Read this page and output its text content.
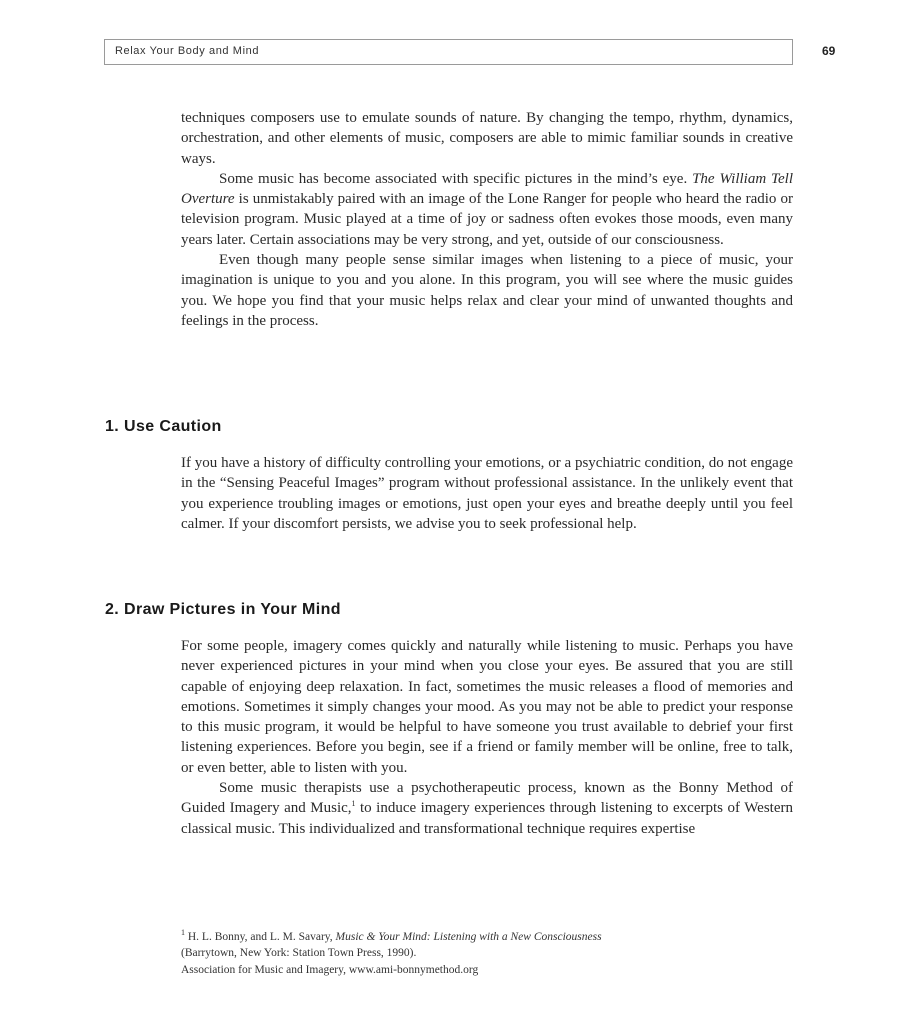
Relax Your Body and Mind	69

techniques composers use to emulate sounds of nature. By changing the tempo, rhythm, dynamics, orchestration, and other elements of music, composers are able to mimic familiar sounds in creative ways.

Some music has become associated with specific pictures in the mind’s eye. The William Tell Overture is unmistakably paired with an image of the Lone Ranger for people who heard the radio or television program. Music played at a time of joy or sadness often evokes those moods, even many years later. Certain associations may be very strong, and yet, outside of our consciousness.

Even though many people sense similar images when listening to a piece of music, your imagination is unique to you and you alone. In this program, you will see where the music guides you. We hope you find that your music helps relax and clear your mind of unwanted thoughts and feelings in the process.

1. Use Caution

If you have a history of difficulty controlling your emotions, or a psychiatric condition, do not engage in the “Sensing Peaceful Images” program without professional assistance. In the unlikely event that you experience troubling images or emotions, just open your eyes and breathe deeply until you feel calmer. If your discomfort persists, we advise you to seek professional help.

2. Draw Pictures in Your Mind

For some people, imagery comes quickly and naturally while listening to music. Perhaps you have never experienced pictures in your mind when you close your eyes. Be assured that you are still capable of enjoying deep relaxation. In fact, sometimes the music releases a flood of memories and emotions. Sometimes it simply changes your mood. As you may not be able to predict your response to this music program, it would be helpful to have someone you trust available to debrief your first listening experiences. Before you begin, see if a friend or family member will be online, free to talk, or even better, able to listen with you.

Some music therapists use a psychotherapeutic process, known as the Bonny Method of Guided Imagery and Music,$^1$ to induce imagery experiences through listening to excerpts of Western classical music. This individualized and transformational technique requires expertise

$^1$ H. L. Bonny, and L. M. Savary, Music & Your Mind: Listening with a New Consciousness

(Barrytown, New York: Station Town Press, 1990).

Association for Music and Imagery, www.ami-bonnymethod.org
